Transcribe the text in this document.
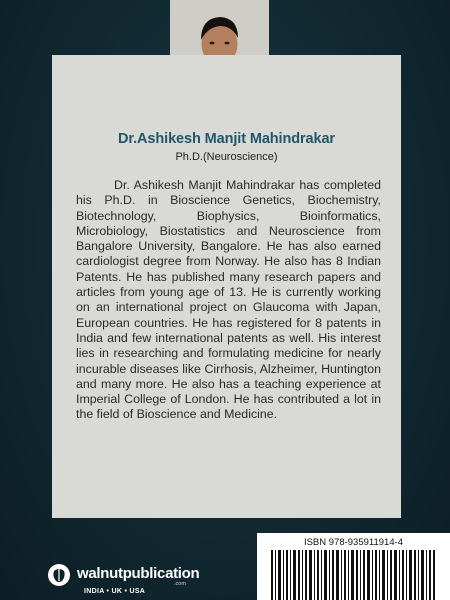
Dr.Ashikesh Manjit Mahindrakar
Ph.D.(Neuroscience)

Dr. Ashikesh Manjit Mahindrakar has completed his Ph.D. in Bioscience Genetics, Biochemistry, Biotechnology, Biophysics, Bioinformatics, Microbiology, Biostatistics and Neuroscience from Bangalore University, Bangalore. He has also earned cardiologist degree from Norway. He also has 8 Indian Patents. He has published many research papers and articles from young age of 13. He is currently working on an international project on Glaucoma with Japan, European countries. He has registered for 8 patents in India and few international patents as well. His interest lies in researching and formulating medicine for nearly incurable diseases like Cirrhosis, Alzheimer, Huntington and many more. He also has a teaching experience at Imperial College of London. He has contributed a lot in the field of Bioscience and Medicine.

ISBN 978-935911914-4
walnutpublication
.com
INDIA • UK • USA
